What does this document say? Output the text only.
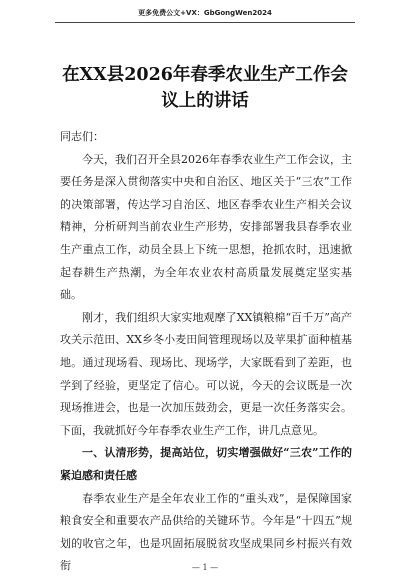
更多免费公文+VX：GbGongWen2024
在XX县2026年春季农业生产工作会议上的讲话

同志们：

今天，我们召开全县2026年春季农业生产工作会议，主要任务是深入贯彻落实中央和自治区、地区关于“三农”工作的决策部署，传达学习自治区、地区春季农业生产相关会议精神，分析研判当前农业生产形势，安排部署我县春季农业生产重点工作，动员全县上下统一思想，抢抓农时，迅速掀起春耕生产热潮，为全年农业农村高质量发展奠定坚实基础。

刚才，我们组织大家实地观摩了XX镇粮棉“百千万”高产攻关示范田、XX乡冬小麦田间管理现场以及苹果扩面种植基地。通过现场看、现场比、现场学，大家既看到了差距，也学到了经验，更坚定了信心。可以说，今天的会议既是一次现场推进会，也是一次加压鼓劲会，更是一次任务落实会。下面，我就抓好今年春季农业生产工作，讲几点意见。

一、认清形势，提高站位，切实增强做好“三农”工作的紧迫感和责任感

春季农业生产是全年农业工作的“重头戏”，是保障国家粮食安全和重要农产品供给的关键环节。今年是“十四五”规划的收官之年，也是巩固拓展脱贫攻坚成果同乡村振兴有效衔	— 1 —
